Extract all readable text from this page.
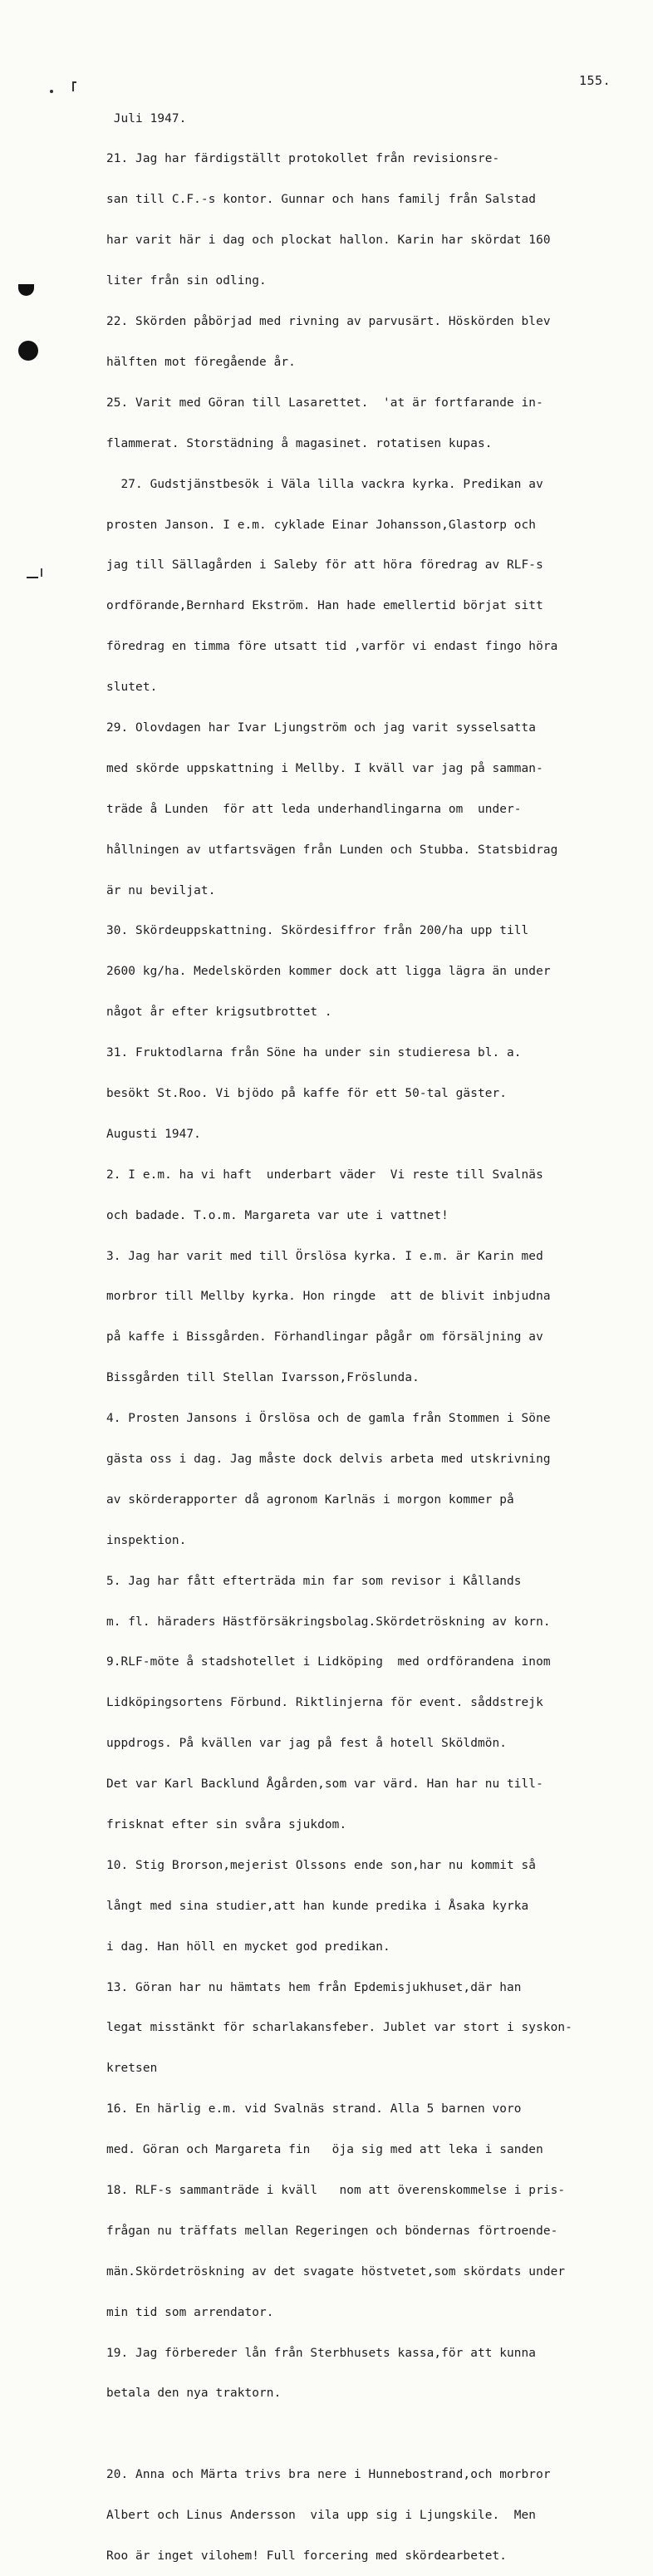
155.

Juli 1947.

21. Jag har färdigställt protokollet från revisionsre-

san till C.F.-s kontor. Gunnar och hans familj från Salstad

har varit här i dag och plockat hallon. Karin har skördat 160

liter från sin odling.

22. Skörden påbörjad med rivning av parvusärt. Höskörden blev

hälften mot föregående år.

25. Varit med Göran till Lasarettet.  'at är fortfarande in-

flammerat. Storstädning å magasinet. rotatisen kupas.

27. Gudstjänstbesök i Väla lilla vackra kyrka. Predikan av

prosten Janson. I e.m. cyklade Einar Johansson,Glastorp och

jag till Sällagården i Saleby för att höra föredrag av RLF-s

ordförande,Bernhard Ekström. Han hade emellertid börjat sitt

föredrag en timma före utsatt tid ,varför vi endast fingo höra

slutet.

29. Olovdagen har Ivar Ljungström och jag varit sysselsatta

med skörde uppskattning i Mellby. I kväll var jag på samman-

träde å Lunden  för att leda underhandlingarna om  under-

hållningen av utfartsvägen från Lunden och Stubba. Statsbidrag

är nu beviljat.

30. Skördeuppskattning. Skördesiffror från 200/ha upp till

2600 kg/ha. Medelskörden kommer dock att ligga lägra än under

något år efter krigsutbrottet .

31. Fruktodlarna från Söne ha under sin studieresa bl. a.

besökt St.Roo. Vi bjödo på kaffe för ett 50-tal gäster.

Augusti 1947.

2. I e.m. ha vi haft  underbart väder  Vi reste till Svalnäs

och badade. T.o.m. Margareta var ute i vattnet!

3. Jag har varit med till Örslösa kyrka. I e.m. är Karin med

morbror till Mellby kyrka. Hon ringde  att de blivit inbjudna

på kaffe i Bissgården. Förhandlingar pågår om försäljning av

Bissgården till Stellan Ivarsson,Fröslunda.

4. Prosten Jansons i Örslösa och de gamla från Stommen i Söne

gästa oss i dag. Jag måste dock delvis arbeta med utskrivning

av skörderapporter då agronom Karlnäs i morgon kommer på

inspektion.

5. Jag har fått efterträda min far som revisor i Kållands

m. fl. häraders Hästförsäkringsbolag.Skördetröskning av korn.

9.RLF-möte å stadshotellet i Lidköping  med ordförandena inom

Lidköpingsortens Förbund. Riktlinjerna för event. såddstrejk

uppdrogs. På kvällen var jag på fest å hotell Sköldmön.

Det var Karl Backlund Ågården,som var värd. Han har nu till-

frisknat efter sin svåra sjukdom.

10. Stig Brorson,mejerist Olssons ende son,har nu kommit så

långt med sina studier,att han kunde predika i Åsaka kyrka

i dag. Han höll en mycket god predikan.

13. Göran har nu hämtats hem från Epdemisjukhuset,där han

legat misstänkt för scharlakansfeber. Jublet var stort i syskon-

kretsen

16. En härlig e.m. vid Svalnäs strand. Alla 5 barnen voro

med. Göran och Margareta fin   öja sig med att leka i sanden

18. RLF-s sammanträde i kväll   nom att överenskommelse i pris-

frågan nu träffats mellan Regeringen och böndernas förtroende-

män.Skördetröskning av det svagate höstvetet,som skördats under

min tid som arrendator.

19. Jag förbereder lån från Sterbhusets kassa,för att kunna

betala den nya traktorn.

20. Anna och Märta trivs bra nere i Hunnebostrand,och morbror

Albert och Linus Andersson  vila upp sig i Ljungskile.  Men

Roo är inget vilohem! Full forcering med skördearbetet.
